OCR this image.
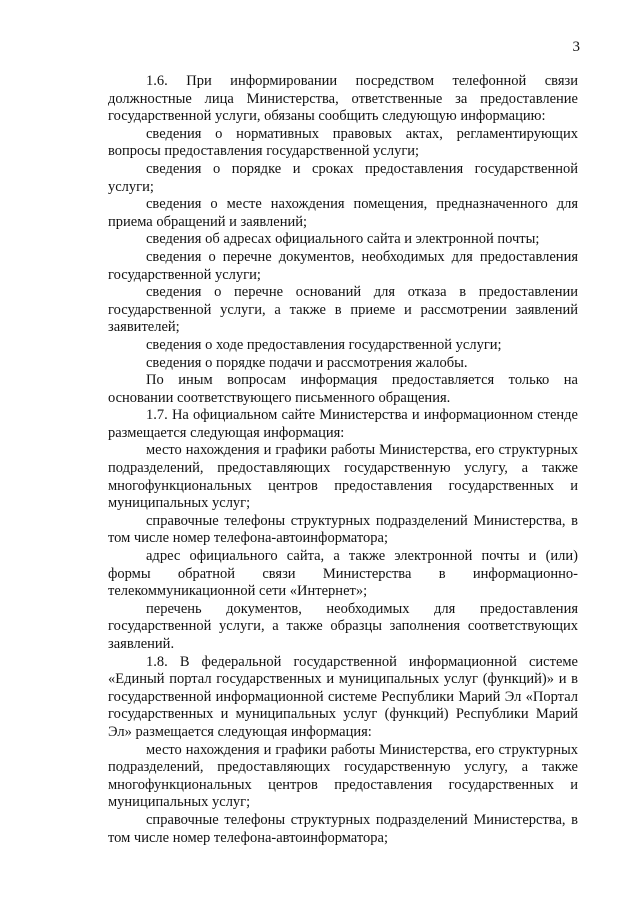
3

1.6. При информировании посредством телефонной связи должностные лица Министерства, ответственные за предоставление государственной услуги, обязаны сообщить следующую информацию:

сведения о нормативных правовых актах, регламентирующих вопросы предоставления государственной услуги;

сведения о порядке и сроках предоставления государственной услуги;

сведения о месте нахождения помещения, предназначенного для приема обращений и заявлений;

сведения об адресах официального сайта и электронной почты;

сведения о перечне документов, необходимых для предоставления государственной услуги;

сведения о перечне оснований для отказа в предоставлении государственной услуги, а также в приеме и рассмотрении заявлений заявителей;

сведения о ходе предоставления государственной услуги;

сведения о порядке подачи и рассмотрения жалобы.

По иным вопросам информация предоставляется только на основании соответствующего письменного обращения.

1.7. На официальном сайте Министерства и информационном стенде размещается следующая информация:

место нахождения и графики работы Министерства, его структурных подразделений, предоставляющих государственную услугу, а также многофункциональных центров предоставления государственных и муниципальных услуг;

справочные телефоны структурных подразделений Министерства, в том числе номер телефона-автоинформатора;

адрес официального сайта, а также электронной почты и (или) формы обратной связи Министерства в информационно-телекоммуникационной сети «Интернет»;

перечень документов, необходимых для предоставления государственной услуги, а также образцы заполнения соответствующих заявлений.

1.8. В федеральной государственной информационной системе «Единый портал государственных и муниципальных услуг (функций)» и в государственной информационной системе Республики Марий Эл «Портал государственных и муниципальных услуг (функций) Республики Марий Эл» размещается следующая информация:

место нахождения и графики работы Министерства, его структурных подразделений, предоставляющих государственную услугу, а также многофункциональных центров предоставления государственных и муниципальных услуг;

справочные телефоны структурных подразделений Министерства, в том числе номер телефона-автоинформатора;
